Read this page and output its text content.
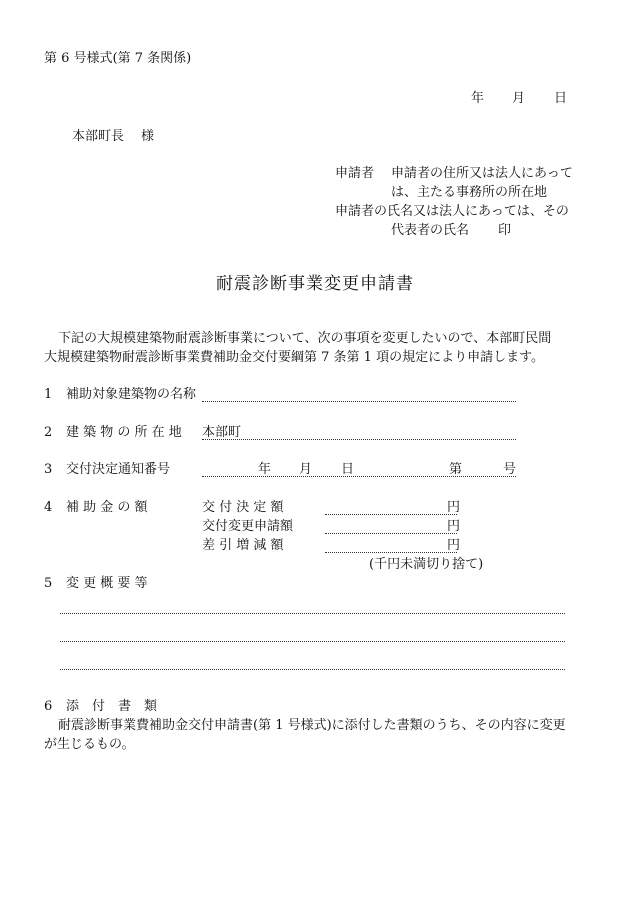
第 6 号様式(第 7 条関係)
年 月 日
本部町長 様
申請者 申請者の住所又は法人にあって
は、主たる事務所の所在地
申請者の氏名又は法人にあっては、その
代表者の氏名 印
耐震診断事業変更申請書
下記の大規模建築物耐震診断事業について、次の事項を変更したいので、本部町民間
大規模建築物耐震診断事業費補助金交付要綱第 7 条第 1 項の規定により申請します。
1 補助対象建築物の名称
2 建 築 物 の 所 在 地 本部町
3 交付決定通知番号	年 月 日	第	号
4 補 助 金 の 額	交 付 決 定 額	円
交付変更申請額	円
差 引 増 減 額	円
(千円未満切り捨て)
5 変 更 概 要 等
6 添　付　書　類
耐震診断事業費補助金交付申請書(第 1 号様式)に添付した書類のうち、その内容に変更
が生じるもの。
